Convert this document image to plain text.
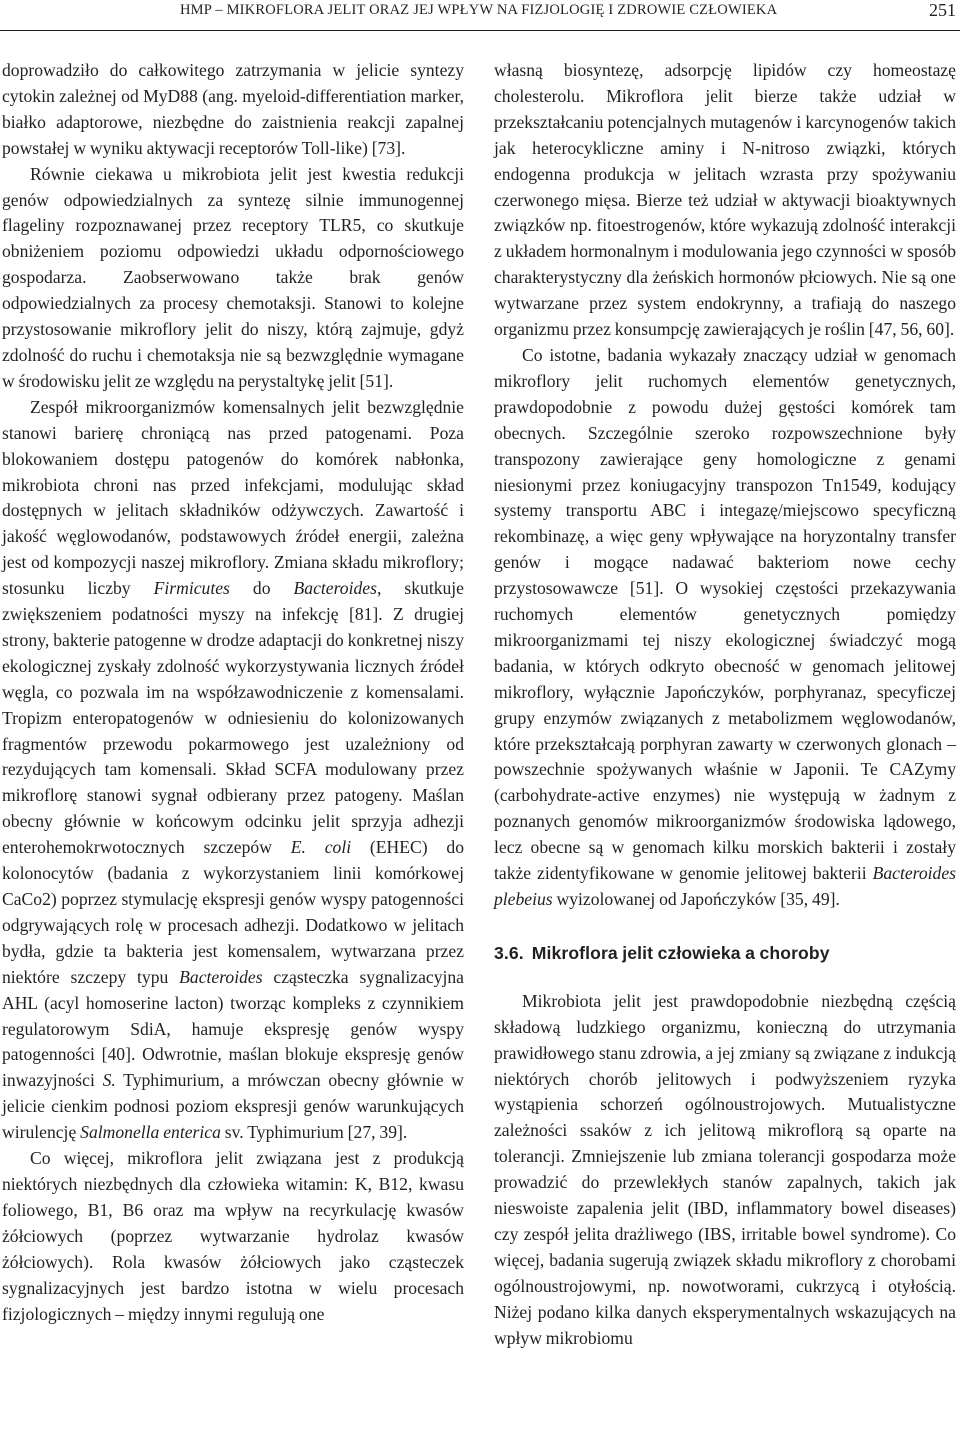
HMP – MIKROFLORA JELIT ORAZ JEJ WPŁYW NA FIZJOLOGIĘ I ZDROWIE CZŁOWIEKA	251

doprowadziło do całkowitego zatrzymania w jelicie syntezy cytokin zależnej od MyD88 (ang. myeloid-differentiation marker, białko adaptorowe, niezbędne do zaistnienia reakcji zapalnej powstałej w wyniku aktywacji receptorów Toll-like) [73].

Równie ciekawa u mikrobiota jelit jest kwestia redukcji genów odpowiedzialnych za syntezę silnie immunogennej flageliny rozpoznawanej przez receptory TLR5, co skutkuje obniżeniem poziomu odpowiedzi układu odpornościowego gospodarza. Zaobserwowano także brak genów odpowiedzialnych za procesy chemotaksji. Stanowi to kolejne przystosowanie mikroflory jelit do niszy, którą zajmuje, gdyż zdolność do ruchu i chemotaksja nie są bezwzględnie wymagane w środowisku jelit ze względu na perystaltykę jelit [51].

Zespół mikroorganizmów komensalnych jelit bezwzględnie stanowi barierę chroniącą nas przed patogenami. Poza blokowaniem dostępu patogenów do komórek nabłonka, mikrobiota chroni nas przed infekcjami, modulując skład dostępnych w jelitach składników odżywczych. Zawartość i jakość węglowodanów, podstawowych źródeł energii, zależna jest od kompozycji naszej mikroflory. Zmiana składu mikroflory; stosunku liczby Firmicutes do Bacteroides, skutkuje zwiększeniem podatności myszy na infekcję [81]. Z drugiej strony, bakterie patogenne w drodze adaptacji do konkretnej niszy ekologicznej zyskały zdolność wykorzystywania licznych źródeł węgla, co pozwala im na współzawodniczenie z komensalami. Tropizm enteropatogenów w odniesieniu do kolonizowanych fragmentów przewodu pokarmowego jest uzależniony od rezydujących tam komensali. Skład SCFA modulowany przez mikroflorę stanowi sygnał odbierany przez patogeny. Maślan obecny głównie w końcowym odcinku jelit sprzyja adhezji enterohemokrwotocznych szczepów E. coli (EHEC) do kolonocytów (badania z wykorzystaniem linii komórkowej CaCo2) poprzez stymulację ekspresji genów wyspy patogenności odgrywających rolę w procesach adhezji. Dodatkowo w jelitach bydła, gdzie ta bakteria jest komensalem, wytwarzana przez niektóre szczepy typu Bacteroides cząsteczka sygnalizacyjna AHL (acyl homoserine lacton) tworząc kompleks z czynnikiem regulatorowym SdiA, hamuje ekspresję genów wyspy patogenności [40]. Odwrotnie, maślan blokuje ekspresję genów inwazyjności S. Typhimurium, a mrówczan obecny głównie w jelicie cienkim podnosi poziom ekspresji genów warunkujących wirulencję Salmonella enterica sv. Typhimurium [27, 39].

Co więcej, mikroflora jelit związana jest z produkcją niektórych niezbędnych dla człowieka witamin: K, B12, kwasu foliowego, B1, B6 oraz ma wpływ na recyrkulację kwasów żółciowych (poprzez wytwarzanie hydrolaz kwasów żółciowych). Rola kwasów żółciowych jako cząsteczek sygnalizacyjnych jest bardzo istotna w wielu procesach fizjologicznych – między innymi regulują one

własną biosyntezę, adsorpcję lipidów czy homeostazę cholesterolu. Mikroflora jelit bierze także udział w przekształcaniu potencjalnych mutagenów i karcynogenów takich jak heterocykliczne aminy i N-nitroso związki, których endogenna produkcja w jelitach wzrasta przy spożywaniu czerwonego mięsa. Bierze też udział w aktywacji bioaktywnych związków np. fitoestrogenów, które wykazują zdolność interakcji z układem hormonalnym i modulowania jego czynności w sposób charakterystyczny dla żeńskich hormonów płciowych. Nie są one wytwarzane przez system endokrynny, a trafiają do naszego organizmu przez konsumpcję zawierających je roślin [47, 56, 60].

Co istotne, badania wykazały znaczący udział w genomach mikroflory jelit ruchomych elementów genetycznych, prawdopodobnie z powodu dużej gęstości komórek tam obecnych. Szczególnie szeroko rozpowszechnione były transpozony zawierające geny homologiczne z genami niesionymi przez koniugacyjny transpozon Tn1549, kodujący systemy transportu ABC i integazę/miejscowo specyficzną rekombinazę, a więc geny wpływające na horyzontalny transfer genów i mogące nadawać bakteriom nowe cechy przystosowawcze [51]. O wysokiej częstości przekazywania ruchomych elementów genetycznych pomiędzy mikroorganizmami tej niszy ekologicznej świadczyć mogą badania, w których odkryto obecność w genomach jelitowej mikroflory, wyłącznie Japończyków, porphyranaz, specyficzej grupy enzymów związanych z metabolizmem węglowodanów, które przekształcają porphyran zawarty w czerwonych glonach – powszechnie spożywanych właśnie w Japonii. Te CAZymy (carbohydrate-active enzymes) nie występują w żadnym z poznanych genomów mikroorganizmów środowiska lądowego, lecz obecne są w genomach kilku morskich bakterii i zostały także zidentyfikowane w genomie jelitowej bakterii Bacteroides plebeius wyizolowanej od Japończyków [35, 49].

3.6. Mikroflora jelit człowieka a choroby

Mikrobiota jelit jest prawdopodobnie niezbędną częścią składową ludzkiego organizmu, konieczną do utrzymania prawidłowego stanu zdrowia, a jej zmiany są związane z indukcją niektórych chorób jelitowych i podwyższeniem ryzyka wystąpienia schorzeń ogólnoustrojowych. Mutualistyczne zależności ssaków z ich jelitową mikroflorą są oparte na tolerancji. Zmniejszenie lub zmiana tolerancji gospodarza może prowadzić do przewlekłych stanów zapalnych, takich jak nieswoiste zapalenia jelit (IBD, inflammatory bowel diseases) czy zespół jelita drażliwego (IBS, irritable bowel syndrome). Co więcej, badania sugerują związek składu mikroflory z chorobami ogólnoustrojowymi, np. nowotworami, cukrzycą i otyłością. Niżej podano kilka danych eksperymentalnych wskazujących na wpływ mikrobiomu
